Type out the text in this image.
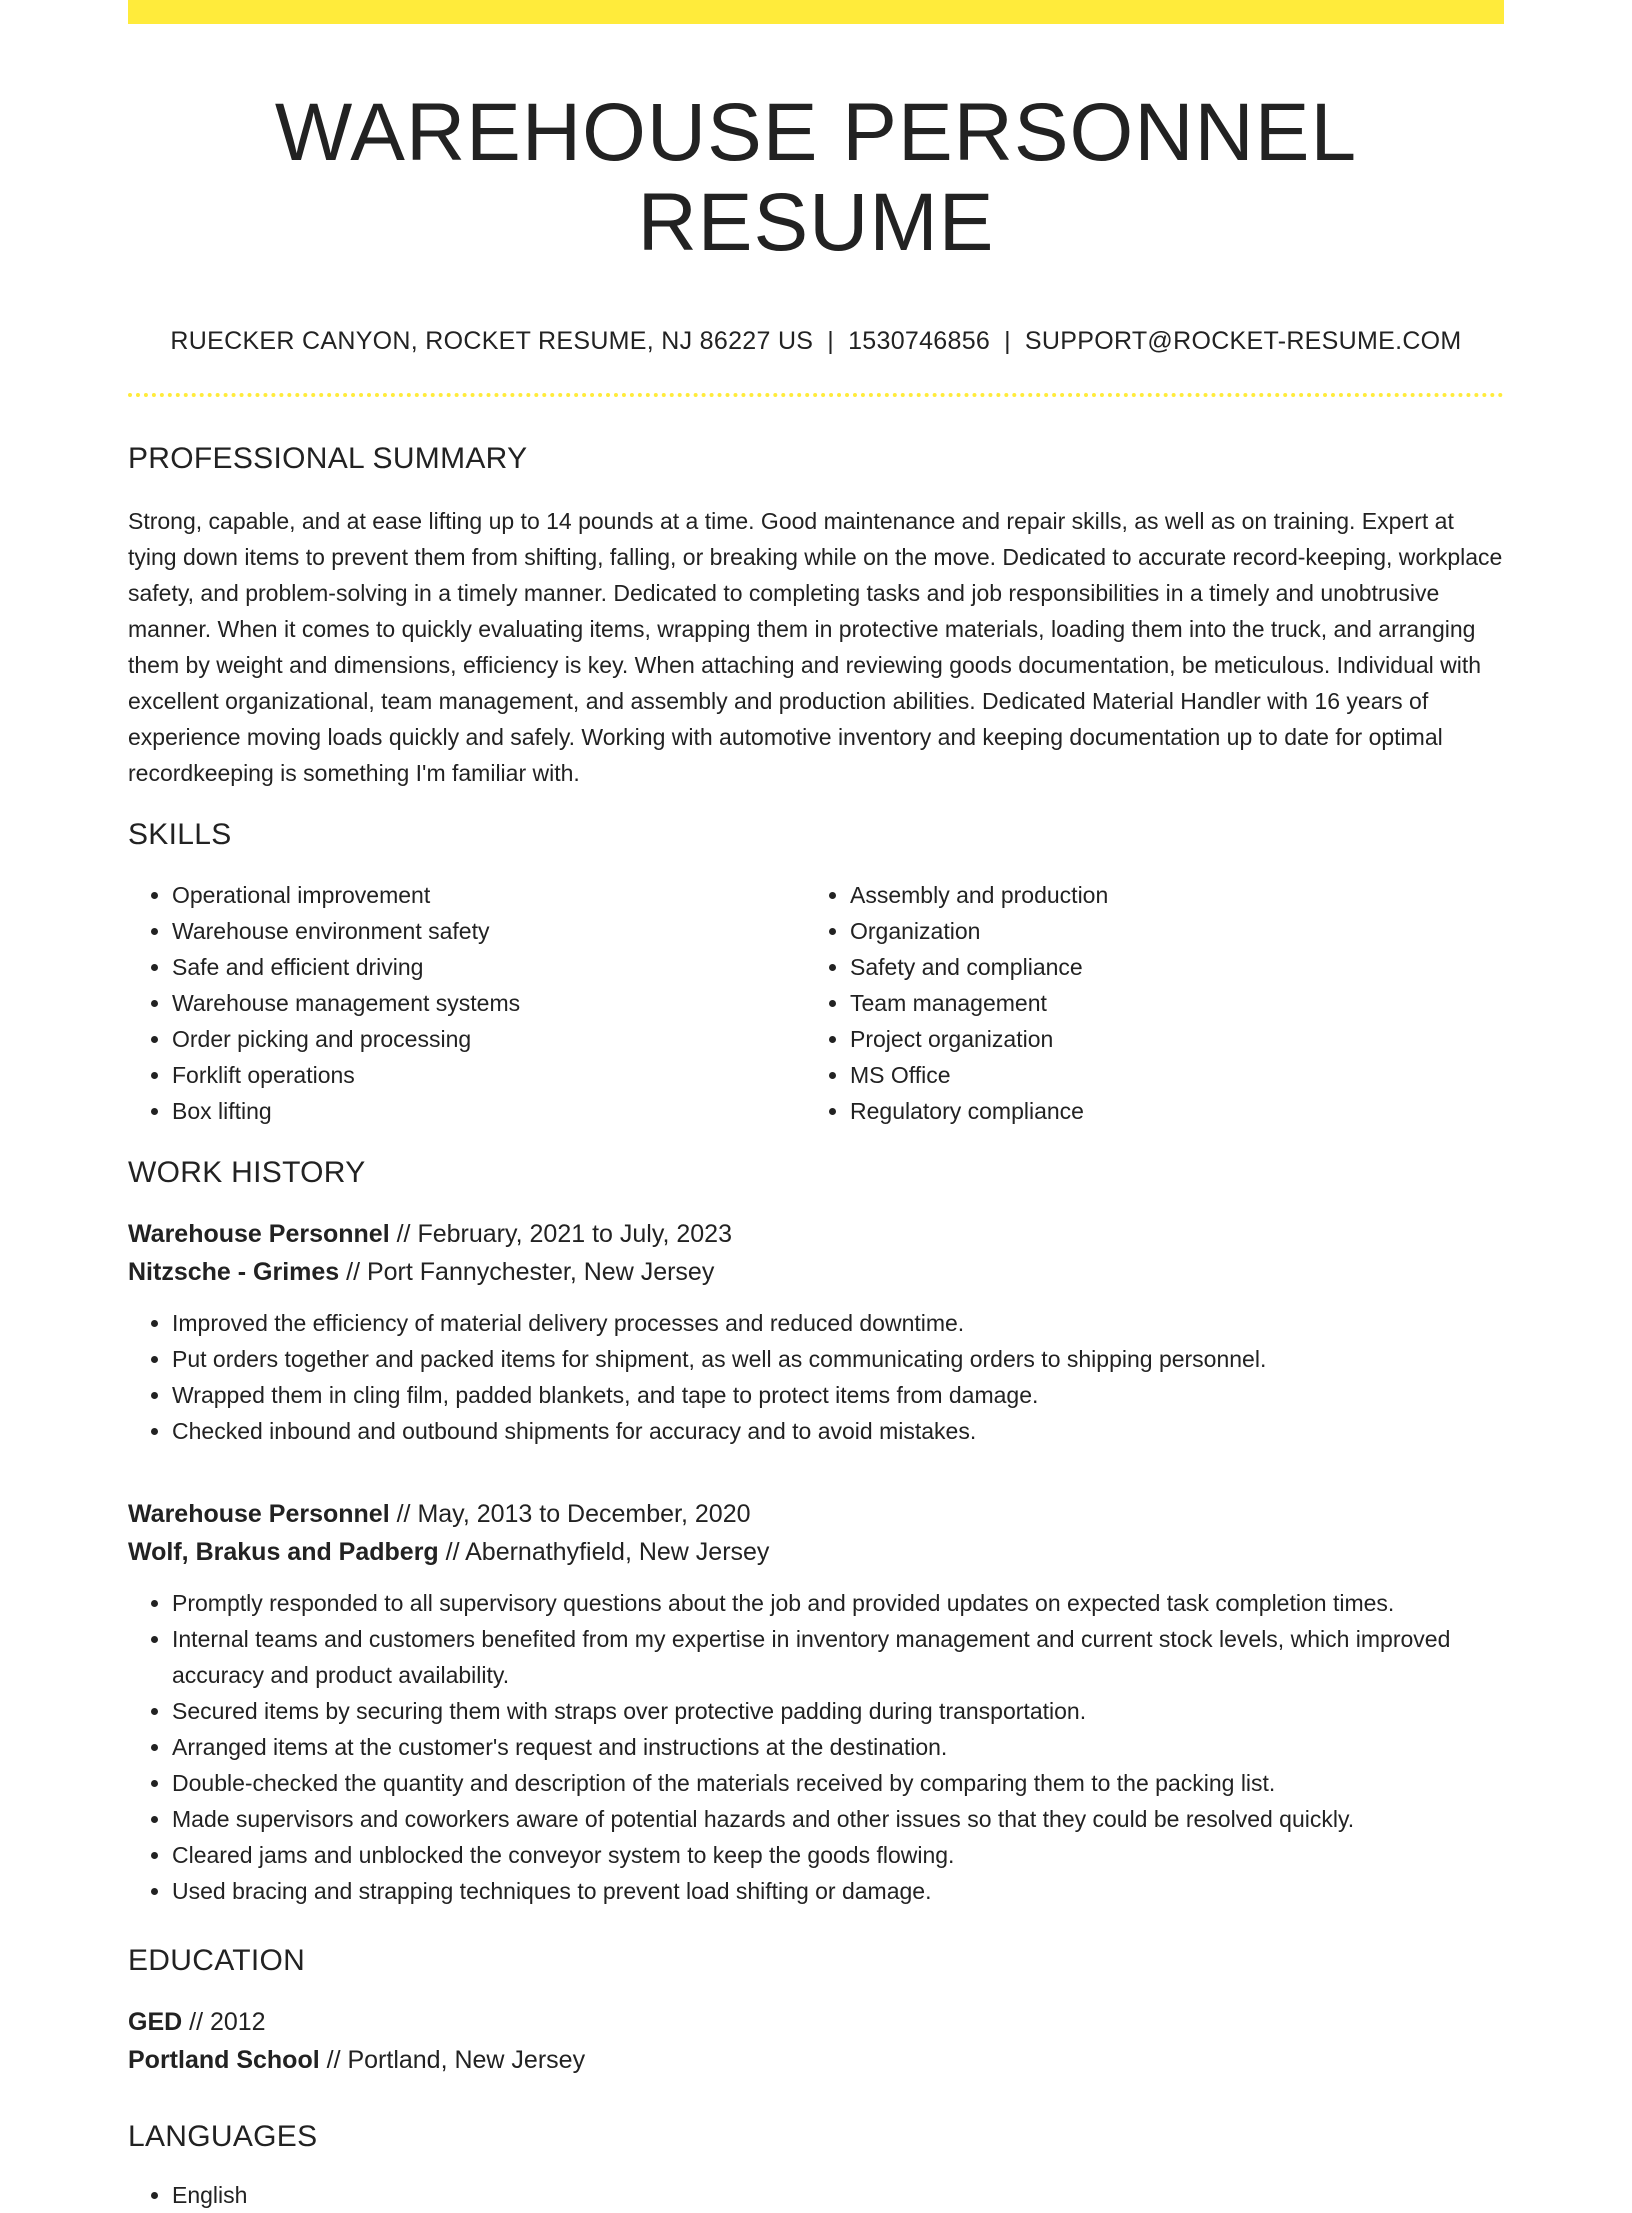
WAREHOUSE PERSONNEL RESUME
RUECKER CANYON, ROCKET RESUME, NJ 86227 US | 1530746856 | SUPPORT@ROCKET-RESUME.COM
PROFESSIONAL SUMMARY

Strong, capable, and at ease lifting up to 14 pounds at a time. Good maintenance and repair skills, as well as on training. Expert at tying down items to prevent them from shifting, falling, or breaking while on the move. Dedicated to accurate record-keeping, workplace safety, and problem-solving in a timely manner. Dedicated to completing tasks and job responsibilities in a timely and unobtrusive manner. When it comes to quickly evaluating items, wrapping them in protective materials, loading them into the truck, and arranging them by weight and dimensions, efficiency is key. When attaching and reviewing goods documentation, be meticulous. Individual with excellent organizational, team management, and assembly and production abilities. Dedicated Material Handler with 16 years of experience moving loads quickly and safely. Working with automotive inventory and keeping documentation up to date for optimal recordkeeping is something I'm familiar with.

SKILLS
• Operational improvement
• Warehouse environment safety
• Safe and efficient driving
• Warehouse management systems
• Order picking and processing
• Forklift operations
• Box lifting
• Assembly and production
• Organization
• Safety and compliance
• Team management
• Project organization
• MS Office
• Regulatory compliance
WORK HISTORY
Warehouse Personnel // February, 2021 to July, 2023
Nitzsche - Grimes // Port Fannychester, New Jersey
• Improved the efficiency of material delivery processes and reduced downtime.
• Put orders together and packed items for shipment, as well as communicating orders to shipping personnel.
• Wrapped them in cling film, padded blankets, and tape to protect items from damage.
• Checked inbound and outbound shipments for accuracy and to avoid mistakes.
Warehouse Personnel // May, 2013 to December, 2020
Wolf, Brakus and Padberg // Abernathyfield, New Jersey
• Promptly responded to all supervisory questions about the job and provided updates on expected task completion times.
• Internal teams and customers benefited from my expertise in inventory management and current stock levels, which improved accuracy and product availability.
• Secured items by securing them with straps over protective padding during transportation.
• Arranged items at the customer's request and instructions at the destination.
• Double-checked the quantity and description of the materials received by comparing them to the packing list.
• Made supervisors and coworkers aware of potential hazards and other issues so that they could be resolved quickly.
• Cleared jams and unblocked the conveyor system to keep the goods flowing.
• Used bracing and strapping techniques to prevent load shifting or damage.
EDUCATION
GED // 2012
Portland School // Portland, New Jersey
LANGUAGES
• English
